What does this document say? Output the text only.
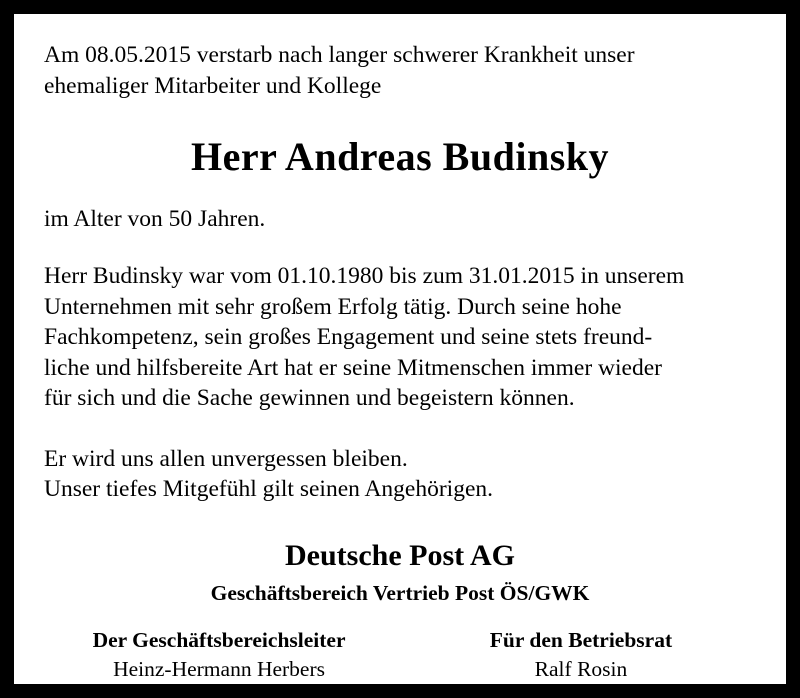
Am 08.05.2015 verstarb nach langer schwerer Krankheit unser
ehemaliger Mitarbeiter und Kollege

Herr Andreas Budinsky

im Alter von 50 Jahren.

Herr Budinsky war vom 01.10.1980 bis zum 31.01.2015 in unserem
Unternehmen mit sehr großem Erfolg tätig. Durch seine hohe
Fachkompetenz, sein großes Engagement und seine stets freund-
liche und hilfsbereite Art hat er seine Mitmenschen immer wieder
für sich und die Sache gewinnen und begeistern können.

Er wird uns allen unvergessen bleiben.
Unser tiefes Mitgefühl gilt seinen Angehörigen.

Deutsche Post AG
Geschäftsbereich Vertrieb Post ÖS/GWK
Der Geschäftsbereichsleiter
Heinz-Hermann Herbers
Für den Betriebsrat
Ralf Rosin
